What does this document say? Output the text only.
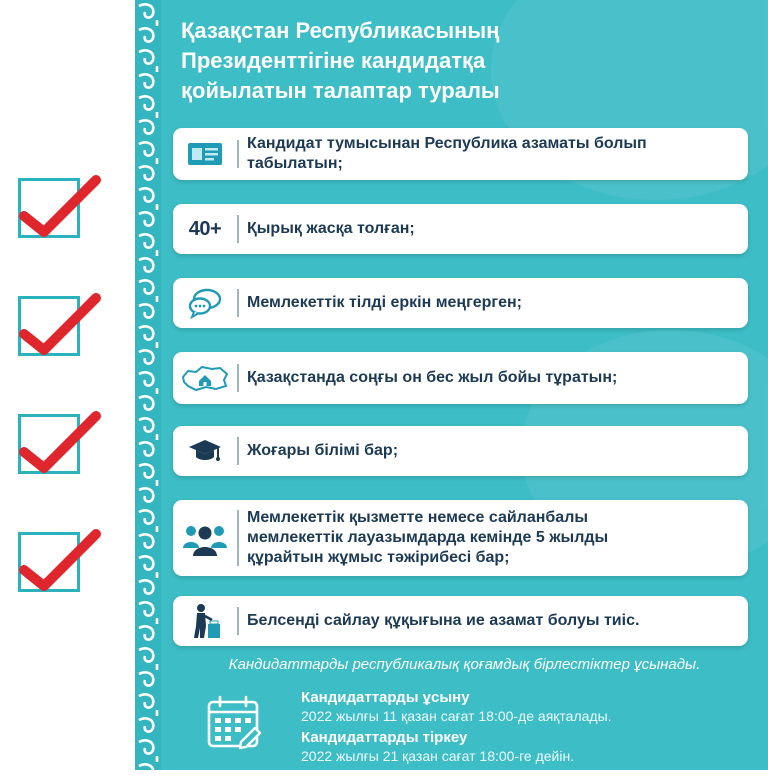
Қазақстан Республикасының
Президенттігіне кандидатқа
қойылатын талаптар туралы
Кандидат тумысынан Республика азаматы болып
табылатын;
40+ Қырық жасқа толған;
Мемлекеттік тілді еркін меңгерген;
Қазақстанда соңғы он бес жыл бойы тұратын;
Жоғары білімі бар;
Мемлекеттік қызметте немесе сайланбалы
мемлекеттік лауазымдарда кемінде 5 жылды
құрайтын жұмыс тәжірибесі бар;
Белсенді сайлау құқығына ие азамат болуы тиіс.
Кандидаттарды республикалық қоғамдық бірлестіктер ұсынады.
Кандидаттарды ұсыну
2022 жылғы 11 қазан сағат 18:00-де аяқталады.
Кандидаттарды тіркеу
2022 жылғы 21 қазан сағат 18:00-ге дейін.
